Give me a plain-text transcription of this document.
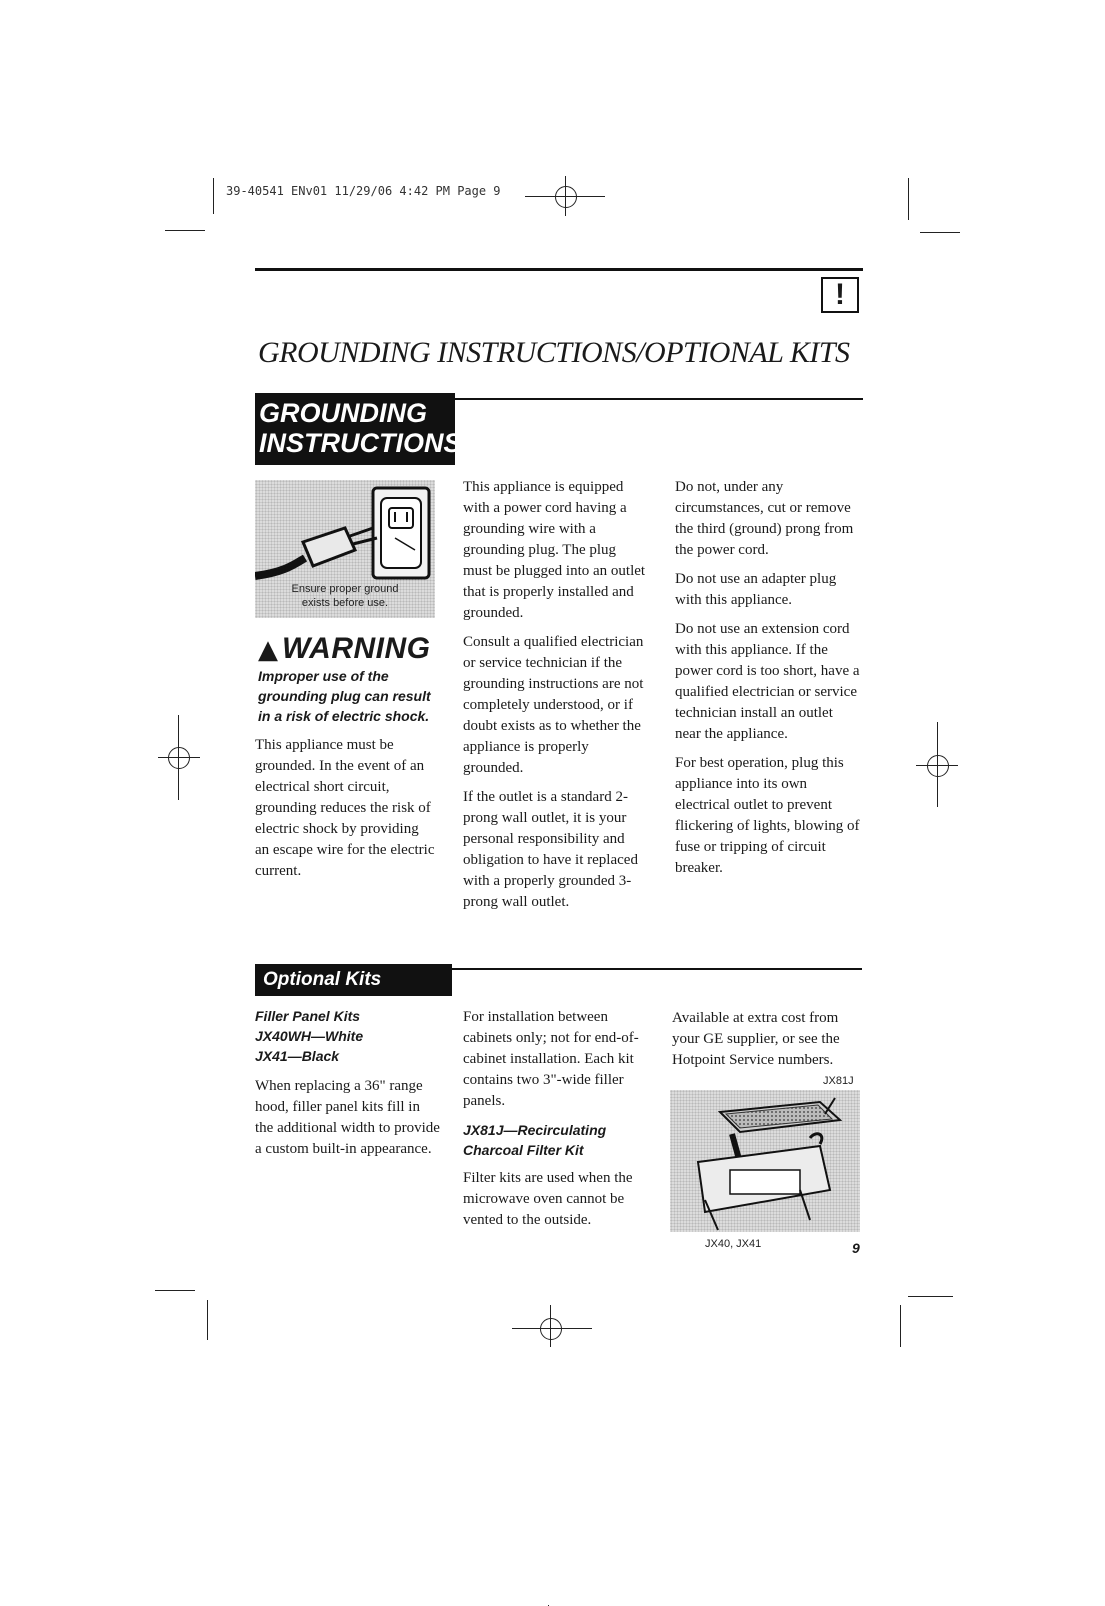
39-40541 ENv01 11/29/06 4:42 PM Page 9
!
GROUNDING INSTRUCTIONS/OPTIONAL KITS
GROUNDING
INSTRUCTIONS
Ensure proper ground
exists before use.
▲ WARNING
Improper use of the grounding plug can result in a risk of electric shock.

This appliance must be grounded. In the event of an electrical short circuit, grounding reduces the risk of electric shock by providing an escape wire for the electric current.

This appliance is equipped with a power cord having a grounding wire with a grounding plug. The plug must be plugged into an outlet that is properly installed and grounded.

Consult a qualified electrician or service technician if the grounding instructions are not completely understood, or if doubt exists as to whether the appliance is properly grounded.

If the outlet is a standard 2-prong wall outlet, it is your personal responsibility and obligation to have it replaced with a properly grounded 3-prong wall outlet.

Do not, under any circumstances, cut or remove the third (ground) prong from the power cord.

Do not use an adapter plug with this appliance.

Do not use an extension cord with this appliance. If the power cord is too short, have a qualified electrician or service technician install an outlet near the appliance.

For best operation, plug this appliance into its own electrical outlet to prevent flickering of lights, blowing of fuse or tripping of circuit breaker.

Optional Kits
Filler Panel Kits
JX40WH—White
JX41—Black

When replacing a 36" range hood, filler panel kits fill in the additional width to provide a custom built-in appearance.

For installation between cabinets only; not for end-of-cabinet installation. Each kit contains two 3"-wide filler panels.

JX81J—Recirculating
Charcoal Filter Kit

Filter kits are used when the microwave oven cannot be vented to the outside.

Available at extra cost from your GE supplier, or see the Hotpoint Service numbers.

JX81J
JX40, JX41	9
